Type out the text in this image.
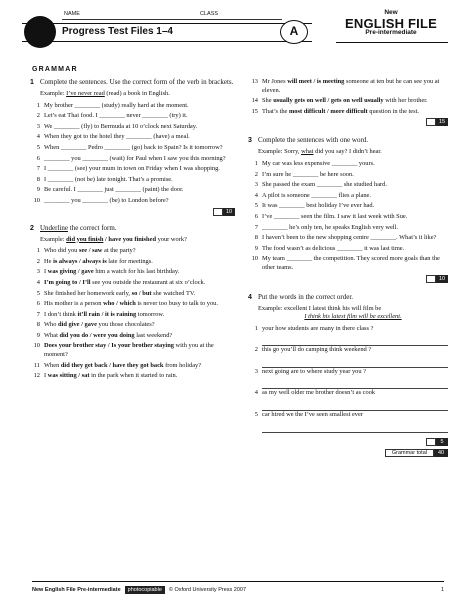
NAME	CLASS
Progress Test Files 1–4	A
New
ENGLISH FILE
Pre-intermediate
GRAMMAR
1 Complete the sentences. Use the correct form of the verb in brackets.
Example: I’ve never read (read) a book in English.
1 My brother ________ (study) really hard at the moment.
2 Let’s eat Thai food. I ________ never ________ (try) it.
3 We ________ (fly) to Bermuda at 10 o’clock next Saturday.
4 When they got to the hotel they ________ (have) a meal.
5 When ________ Pedro ________ (go) back to Spain? Is it tomorrow?
6 ________ you ________ (wait) for Paul when I saw you this morning?
7 I ________ (see) your mum in town on Friday when I was shopping.
8 I ________ (not be) late tonight. That’s a promise.
9 Be careful. I ________ just ________ (paint) the door.
10 ________ you ________ (be) to London before?
10
2 Underline the correct form.
Example: did you finish / have you finished your work?
1 Who did you see / saw at the party?
2 He is always / always is late for meetings.
3 I was giving / gave him a watch for his last birthday.
4 I’m going to / I’ll see you outside the restaurant at six o’clock.
5 She finished her homework early, so / but she watched TV.
6 His mother is a person who / which is never too busy to talk to you.
7 I don’t think it’ll rain / it is raining tomorrow.
8 Who did give / gave you those chocolates?
9 What did you do / were you doing last weekend?
10 Does your brother stay / Is your brother staying with you at the moment?
11 When did they get back / have they got back from holiday?
12 I was sitting / sat in the park when it started to rain.
13 Mr Jones will meet / is meeting someone at ten but he can see you at eleven.
14 She usually gets on well / gets on well usually with her brother.
15 That’s the most difficult / more difficult question in the test.
15
3 Complete the sentences with one word.
Example: Sorry, what did you say? I didn’t hear.
1 My car was less expensive ________ yours.
2 I’m sure he ________ be here soon.
3 She passed the exam ________ she studied hard.
4 A pilot is someone ________ flies a plane.
5 It was ________ best holiday I’ve ever had.
6 I’ve ________ seen the film. I saw it last week with Sue.
7 ________ he’s only ten, he speaks English very well.
8 I haven’t been to the new shopping centre ________. What’s it like?
9 The food wasn’t as delicious ________ it was last time.
10 My team ________ the competition. They scored more goals than the other teams.
10
4 Put the words in the correct order.
Example: excellent I latest think his will film be
I think his latest film will be excellent.
1 your how students are many in there class ?
2 this go you’ll do camping think weekend ?
3 next going are to where study year you ?
4 as my well older me brother doesn’t as cook
5 car hired we the I’ve seen smallest ever
5
Grammar total	40
New English File Pre-intermediate	photocopiable	© Oxford University Press 2007	1
